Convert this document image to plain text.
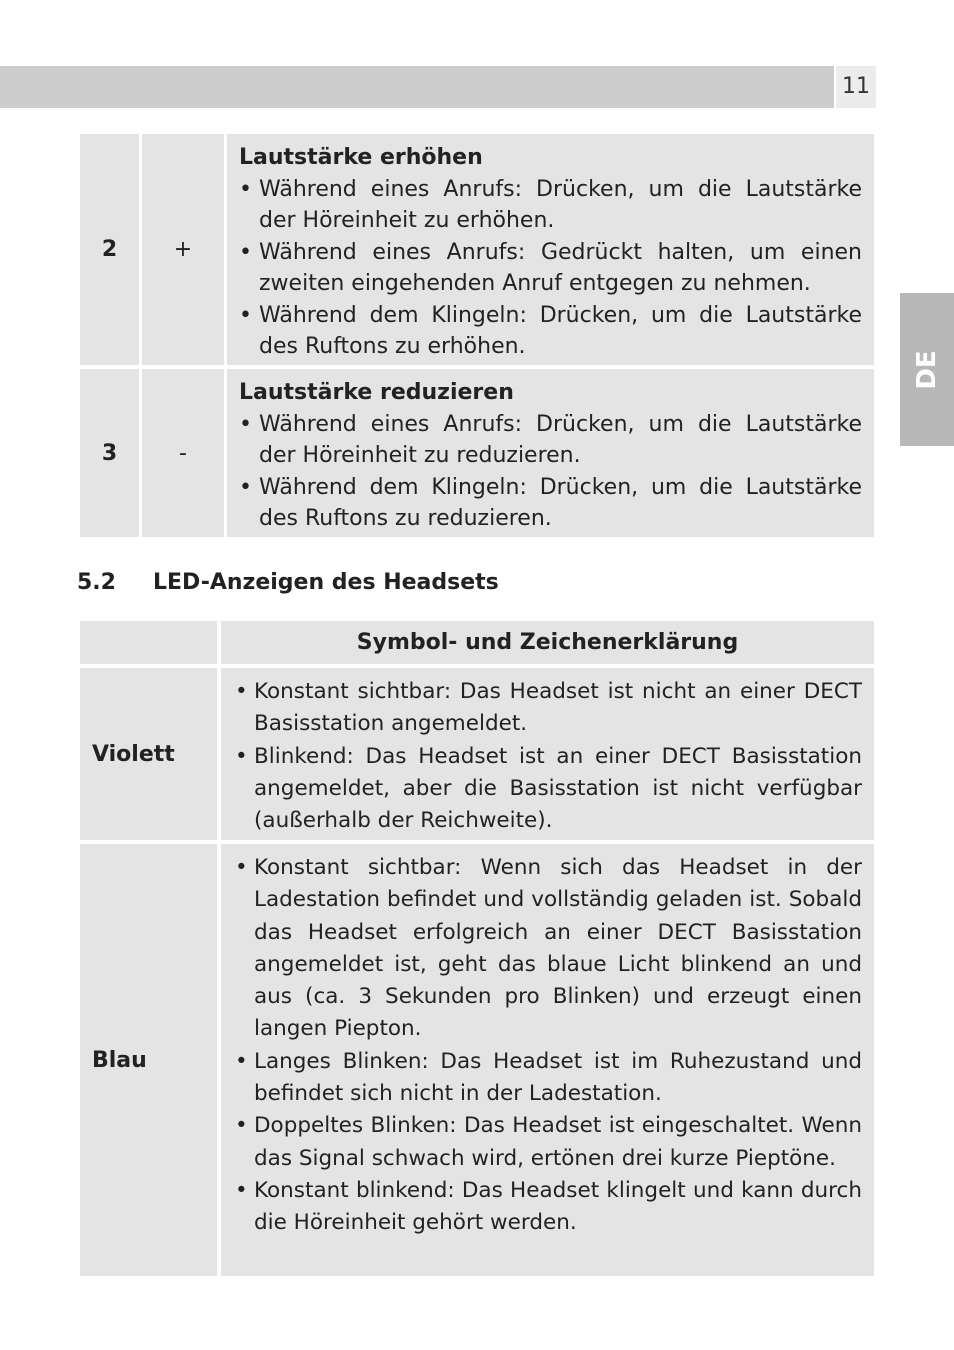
11
DE
2	+
Lautstärke erhöhen
• Während eines Anrufs: Drücken, um die Lautstärke der Höreinheit zu erhöhen.
• Während eines Anrufs: Gedrückt halten, um einen zweiten eingehenden Anruf entgegen zu nehmen.
• Während dem Klingeln: Drücken, um die Lautstärke des Ruftons zu erhöhen.
3	-
Lautstärke reduzieren
• Während eines Anrufs: Drücken, um die Lautstärke der Höreinheit zu reduzieren.
• Während dem Klingeln: Drücken, um die Lautstärke des Ruftons zu reduzieren.
5.2 LED-Anzeigen des Headsets
Symbol- und Zeichenerklärung
Violett
• Konstant sichtbar: Das Headset ist nicht an einer DECT Basisstation angemeldet.
• Blinkend: Das Headset ist an einer DECT Basisstation angemeldet, aber die Basisstation ist nicht verfügbar (außerhalb der Reichweite).
Blau
• Konstant sichtbar: Wenn sich das Headset in der Ladestation befindet und vollständig geladen ist. Sobald das Headset erfolgreich an einer DECT Basisstation angemeldet ist, geht das blaue Licht blinkend an und aus (ca. 3 Sekunden pro Blinken) und erzeugt einen langen Piepton.
• Langes Blinken: Das Headset ist im Ruhezustand und befindet sich nicht in der Ladestation.
• Doppeltes Blinken: Das Headset ist eingeschaltet. Wenn das Signal schwach wird, ertönen drei kurze Pieptöne.
• Konstant blinkend: Das Headset klingelt und kann durch die Höreinheit gehört werden.
